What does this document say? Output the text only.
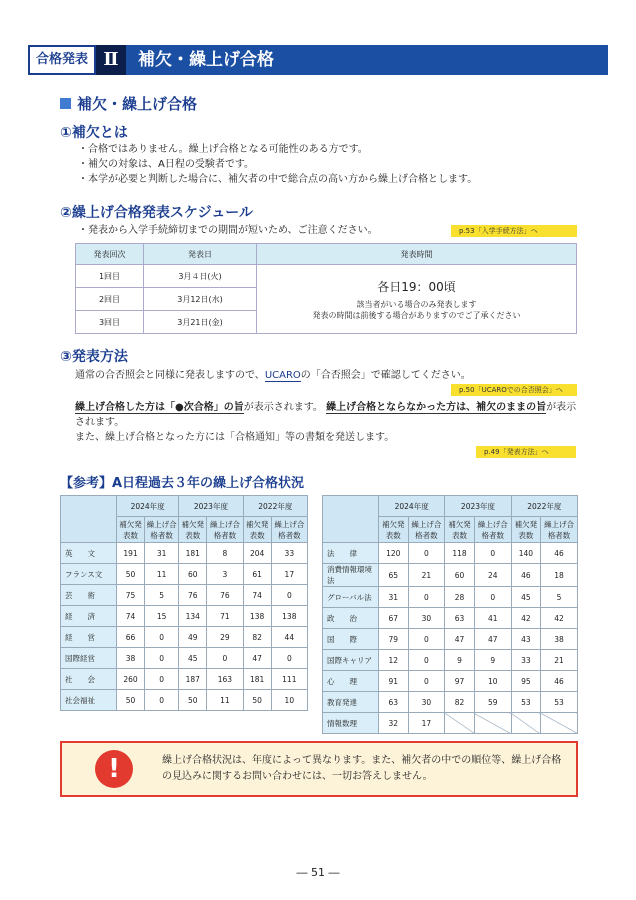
合格発表 Ⅱ	補欠・繰上げ合格
補欠・繰上げ合格
①補欠とは
・合格ではありません。繰上げ合格となる可能性のある方です。
・補欠の対象は、A日程の受験者です。
・本学が必要と判断した場合に、補欠者の中で総合点の高い方から繰上げ合格とします。
②繰上げ合格発表スケジュール
・発表から入学手続締切までの期間が短いため、ご注意ください。	p.53「入学手続方法」へ
発表回次	発表日	発表時間
1回目	3月４日(火)	各日19：00頃
該当者がいる場合のみ発表します
発表の時間は前後する場合がありますのでご了承ください

2回目	3月12日(水)	
3回目	3月21日(金)	
③発表方法
通常の合否照会と同様に発表しますので、UCAROの「合否照会」で確認してください。
p.50「UCAROでの合否照会」へ
繰上げ合格した方は「●次合格」の旨が表示されます。 繰上げ合格とならなかった方は、補欠のままの旨が表示されます。
また、繰上げ合格となった方には「合格通知」等の書類を発送します。
p.49「発表方法」へ
【参考】A日程過去３年の繰上げ合格状況
	2024年度		2023年度		2022年度	
	補欠発表数	繰上げ合格者数	補欠発表数	繰上げ合格者数	補欠発表数	繰上げ合格者数
英　　文	191	31	181	8	204	33
フランス文	50	11	60	3	61	17
芸　　術	75	5	76	76	74	0
経　　済	74	15	134	71	138	138
経　　営	66	0	49	29	82	44
国際経営	38	0	45	0	47	0
社　　会	260	0	187	163	181	111
社会福祉	50	0	50	11	50	10
	2024年度		2023年度		2022年度	
	補欠発表数	繰上げ合格者数	補欠発表数	繰上げ合格者数	補欠発表数	繰上げ合格者数
法　　律	120	0	118	0	140	46
消費情報環境法	65	21	60	24	46	18
グローバル法	31	0	28	0	45	5
政　　治	67	30	63	41	42	42
国　　際	79	0	47	47	43	38
国際キャリア	12	0	9	9	33	21
心　　理	91	0	97	10	95	46
教育発達	63	30	82	59	53	53
情報数理	32	17				
!	繰上げ合格状況は、年度によって異なります。また、補欠者の中での順位等、繰上げ合格の見込みに関するお問い合わせには、一切お答えしません。
― 51 ―
